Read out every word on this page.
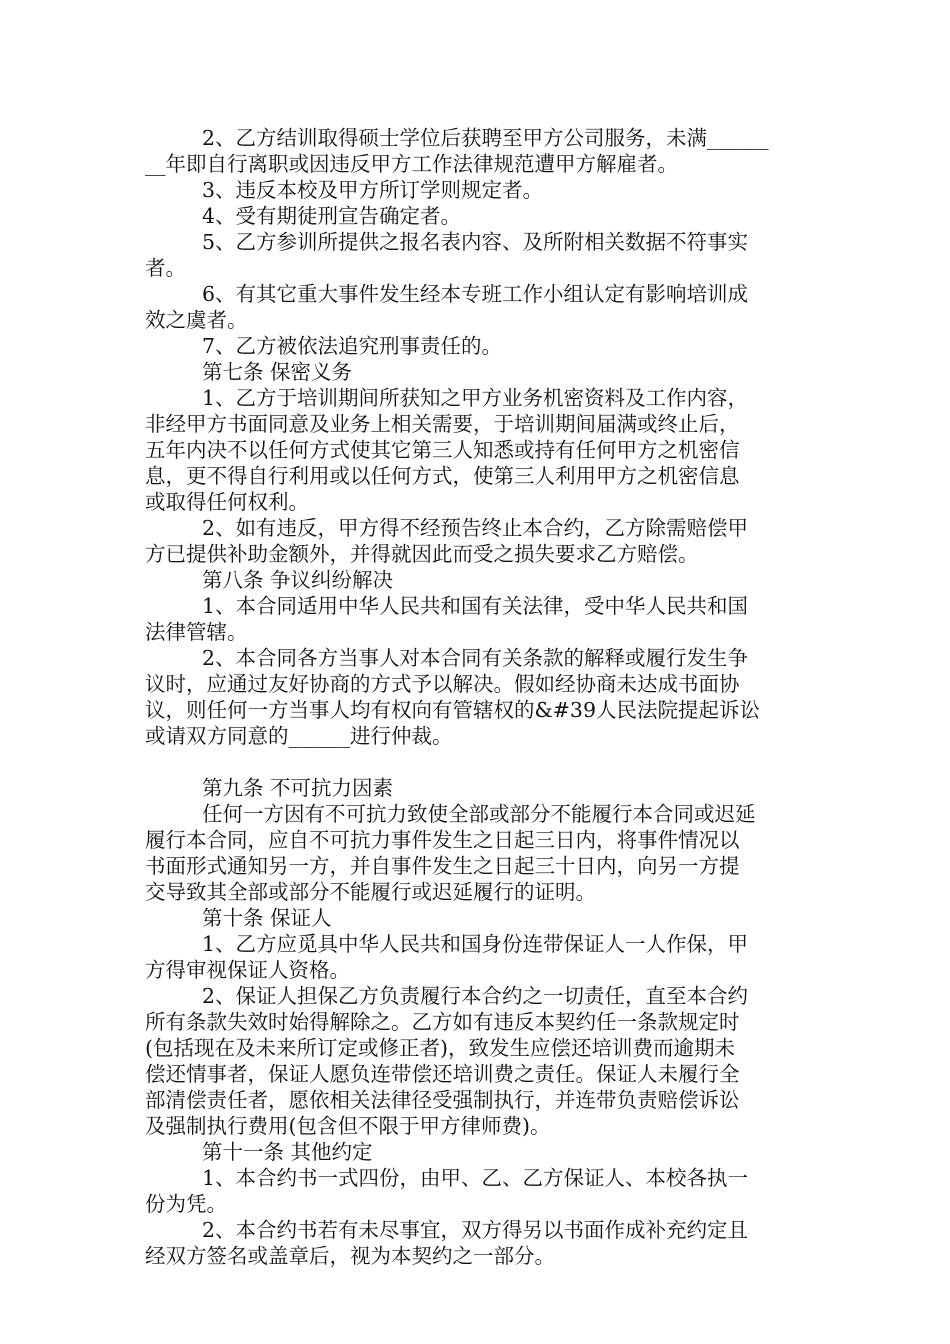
2、乙方结训取得硕士学位后获聘至甲方公司服务，未满______
__年即自行离职或因违反甲方工作法律规范遭甲方解雇者。
3、违反本校及甲方所订学则规定者。
4、受有期徒刑宣告确定者。
5、乙方参训所提供之报名表内容、及所附相关数据不符事实
者。
6、有其它重大事件发生经本专班工作小组认定有影响培训成
效之虞者。
7、乙方被依法追究刑事责任的。
第七条 保密义务
1、乙方于培训期间所获知之甲方业务机密资料及工作内容，
非经甲方书面同意及业务上相关需要，于培训期间届满或终止后，
五年内决不以任何方式使其它第三人知悉或持有任何甲方之机密信
息，更不得自行利用或以任何方式，使第三人利用甲方之机密信息
或取得任何权利。
2、如有违反，甲方得不经预告终止本合约，乙方除需赔偿甲
方已提供补助金额外，并得就因此而受之损失要求乙方赔偿。
第八条 争议纠纷解决
1、本合同适用中华人民共和国有关法律，受中华人民共和国
法律管辖。
2、本合同各方当事人对本合同有关条款的解释或履行发生争
议时，应通过友好协商的方式予以解决。假如经协商未达成书面协
议，则任何一方当事人均有权向有管辖权的&#39人民法院提起诉讼
或请双方同意的______进行仲裁。
第九条 不可抗力因素
任何一方因有不可抗力致使全部或部分不能履行本合同或迟延
履行本合同，应自不可抗力事件发生之日起三日内，将事件情况以
书面形式通知另一方，并自事件发生之日起三十日内，向另一方提
交导致其全部或部分不能履行或迟延履行的证明。
第十条 保证人
1、乙方应觅具中华人民共和国身份连带保证人一人作保，甲
方得审视保证人资格。
2、保证人担保乙方负责履行本合约之一切责任，直至本合约
所有条款失效时始得解除之。乙方如有违反本契约任一条款规定时
(包括现在及未来所订定或修正者)，致发生应偿还培训费而逾期未
偿还情事者，保证人愿负连带偿还培训费之责任。保证人未履行全
部清偿责任者，愿依相关法律径受强制执行，并连带负责赔偿诉讼
及强制执行费用(包含但不限于甲方律师费)。
第十一条 其他约定
1、本合约书一式四份，由甲、乙、乙方保证人、本校各执一
份为凭。
2、本合约书若有未尽事宜，双方得另以书面作成补充约定且
经双方签名或盖章后，视为本契约之一部分。
